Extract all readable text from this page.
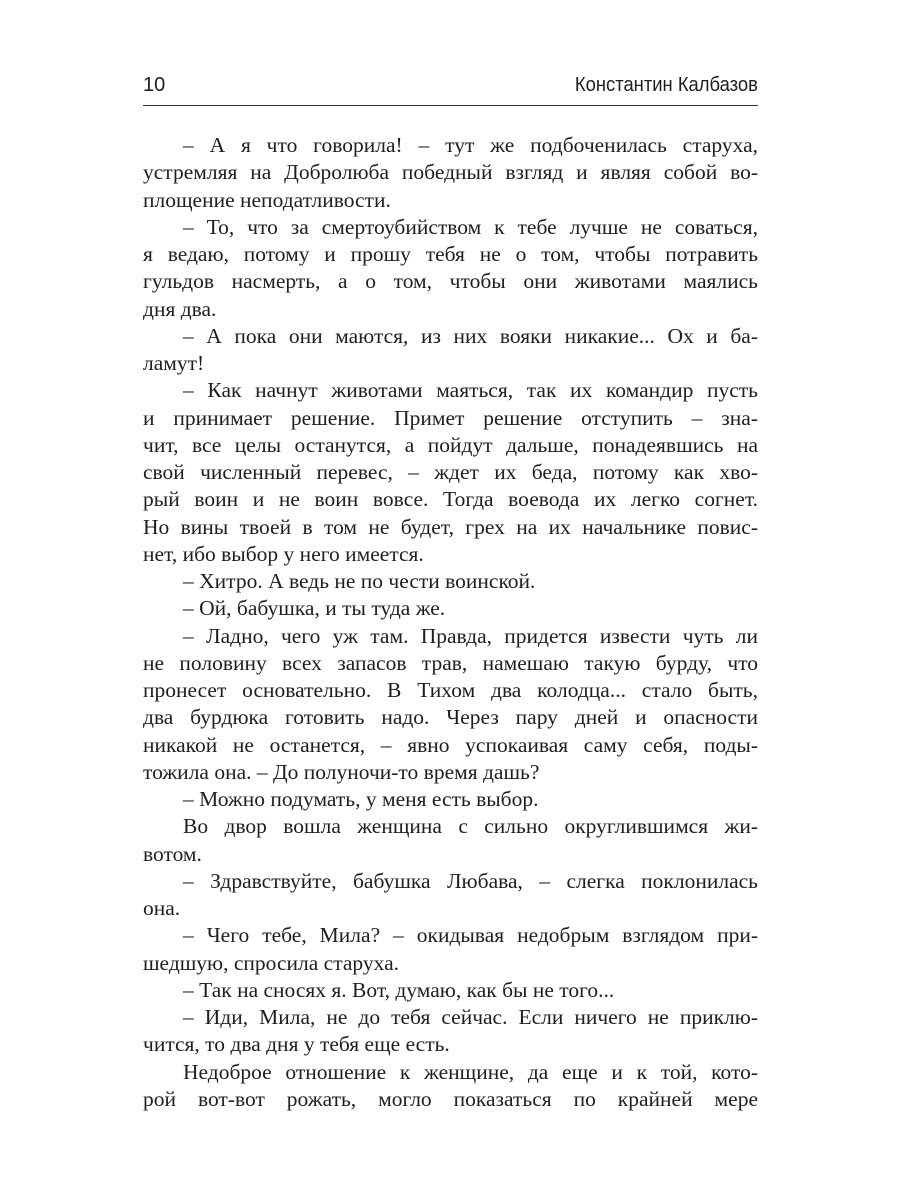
10	Константин Калбазов
– А я что говорила! – тут же подбоченилась старуха,
устремляя на Добролюба победный взгляд и являя собой во-
площение неподатливости.
– То, что за смертоубийством к тебе лучше не соваться,
я ведаю, потому и прошу тебя не о том, чтобы потравить
гульдов насмерть, а о том, чтобы они животами маялись
дня два.
– А пока они маются, из них вояки никакие... Ох и ба-
ламут!
– Как начнут животами маяться, так их командир пусть
и принимает решение. Примет решение отступить – зна-
чит, все целы останутся, а пойдут дальше, понадеявшись на
свой численный перевес, – ждет их беда, потому как хво-
рый воин и не воин вовсе. Тогда воевода их легко согнет.
Но вины твоей в том не будет, грех на их начальнике повис-
нет, ибо выбор у него имеется.
– Хитро. А ведь не по чести воинской.
– Ой, бабушка, и ты туда же.
– Ладно, чего уж там. Правда, придется извести чуть ли
не половину всех запасов трав, намешаю такую бурду, что
пронесет основательно. В Тихом два колодца... стало быть,
два бурдюка готовить надо. Через пару дней и опасности
никакой не останется, – явно успокаивая саму себя, поды-
тожила она. – До полуночи-то время дашь?
– Можно подумать, у меня есть выбор.
Во двор вошла женщина с сильно округлившимся жи-
вотом.
– Здравствуйте, бабушка Любава, – слегка поклонилась
она.
– Чего тебе, Мила? – окидывая недобрым взглядом при-
шедшую, спросила старуха.
– Так на сносях я. Вот, думаю, как бы не того...
– Иди, Мила, не до тебя сейчас. Если ничего не приклю-
чится, то два дня у тебя еще есть.
Недоброе отношение к женщине, да еще и к той, кото-
рой вот-вот рожать, могло показаться по крайней мере
